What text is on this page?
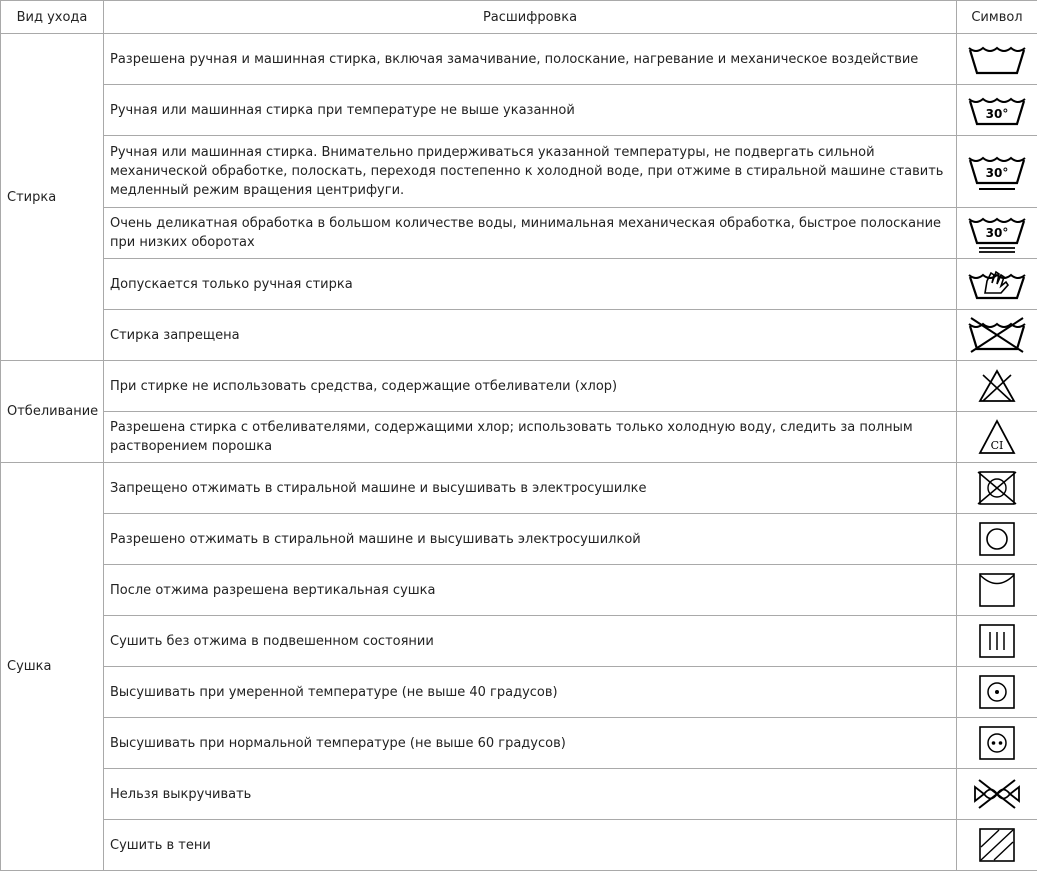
Вид ухода	Расшифровка	Символ
Стирка	Разрешена ручная и машинная стирка, включая замачивание, полоскание, нагревание и механическое воздействие	

	Ручная или машинная стирка при температуре не выше указанной	30°

	Ручная или машинная стирка. Внимательно придерживаться указанной температуры, не подвергать сильной механической обработке, полоскать, переходя постепенно к холодной воде, при отжиме в стиральной машине ставить медленный режим вращения центрифуги.	30°

	Очень деликатная обработка в большом количестве воды, минимальная механическая обработка, быстрое полоскание при низких оборотах	30°

	Допускается только ручная стирка	

	Стирка запрещена	

Отбеливание	При стирке не использовать средства, содержащие отбеливатели (хлор)	

	Разрешена стирка с отбеливателями, содержащими хлор; использовать только холодную воду, следить за полным растворением порошка	CI

Сушка	Запрещено отжимать в стиральной машине и высушивать в электросушилке	

	Разрешено отжимать в стиральной машине и высушивать электросушилкой	

	После отжима разрешена вертикальная сушка	

	Сушить без отжима в подвешенном состоянии	

	Высушивать при умеренной температуре (не выше 40 градусов)	

	Высушивать при нормальной температуре (не выше 60 градусов)	

	Нельзя выкручивать	

	Сушить в тени	
